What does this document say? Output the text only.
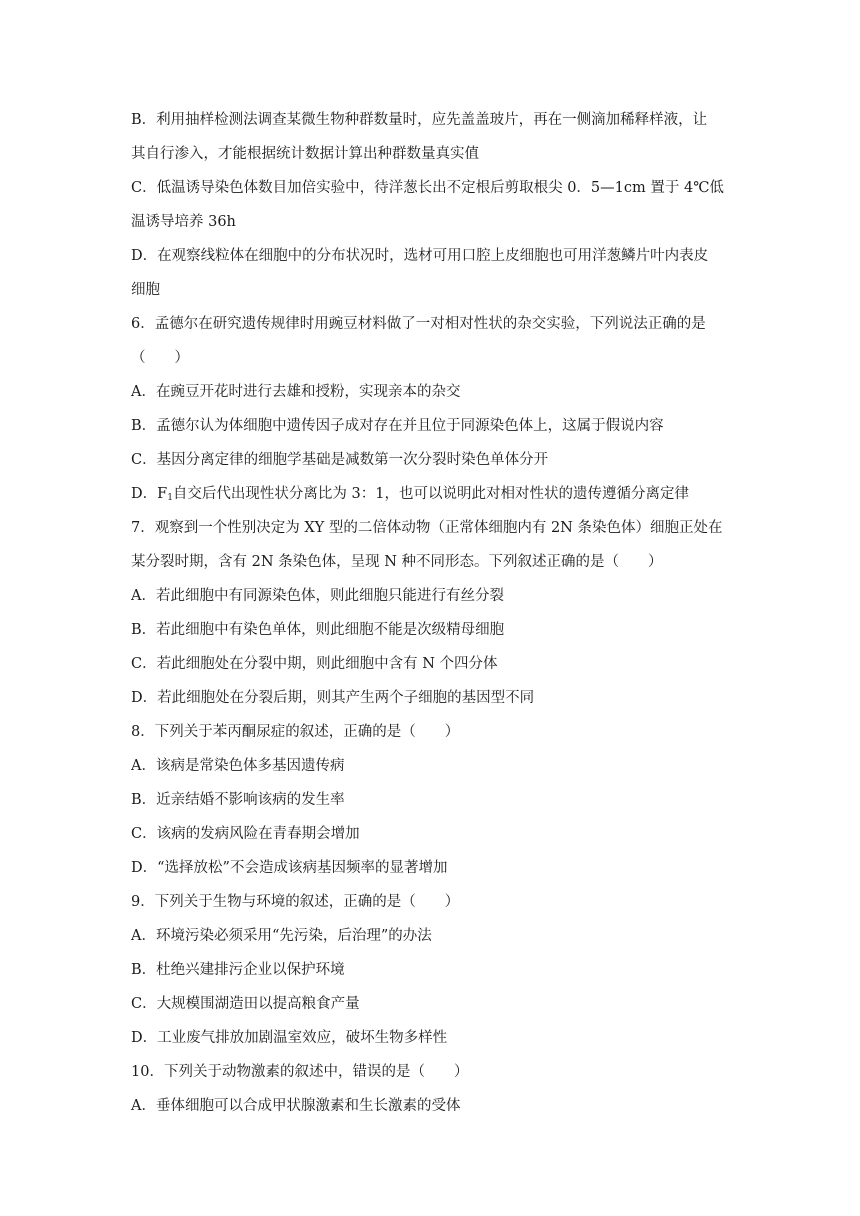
B．利用抽样检测法调查某微生物种群数量时，应先盖盖玻片，再在一侧滴加稀释样液，让
其自行渗入，才能根据统计数据计算出种群数量真实值
C．低温诱导染色体数目加倍实验中，待洋葱长出不定根后剪取根尖 0．5—1cm 置于 4℃低
温诱导培养 36h
D．在观察线粒体在细胞中的分布状况时，选材可用口腔上皮细胞也可用洋葱鳞片叶内表皮
细胞
6．孟德尔在研究遗传规律时用豌豆材料做了一对相对性状的杂交实验，下列说法正确的是
（　　）
A．在豌豆开花时进行去雄和授粉，实现亲本的杂交
B．孟德尔认为体细胞中遗传因子成对存在并且位于同源染色体上，这属于假说内容
C．基因分离定律的细胞学基础是减数第一次分裂时染色单体分开
D．$F_1$自交后代出现性状分离比为 3：1，也可以说明此对相对性状的遗传遵循分离定律
7．观察到一个性别决定为 XY 型的二倍体动物（正常体细胞内有 2N 条染色体）细胞正处在
某分裂时期，含有 2N 条染色体，呈现 N 种不同形态。下列叙述正确的是（　　）
A．若此细胞中有同源染色体，则此细胞只能进行有丝分裂
B．若此细胞中有染色单体，则此细胞不能是次级精母细胞
C．若此细胞处在分裂中期，则此细胞中含有 N 个四分体
D．若此细胞处在分裂后期，则其产生两个子细胞的基因型不同
8．下列关于苯丙酮尿症的叙述，正确的是（　　）
A．该病是常染色体多基因遗传病
B．近亲结婚不影响该病的发生率
C．该病的发病风险在青春期会增加
D．“选择放松”不会造成该病基因频率的显著增加
9．下列关于生物与环境的叙述，正确的是（　　）
A．环境污染必须采用“先污染，后治理”的办法
B．杜绝兴建排污企业以保护环境
C．大规模围湖造田以提高粮食产量
D．工业废气排放加剧温室效应，破坏生物多样性
10．下列关于动物激素的叙述中，错误的是（　　）
A．垂体细胞可以合成甲状腺激素和生长激素的受体
